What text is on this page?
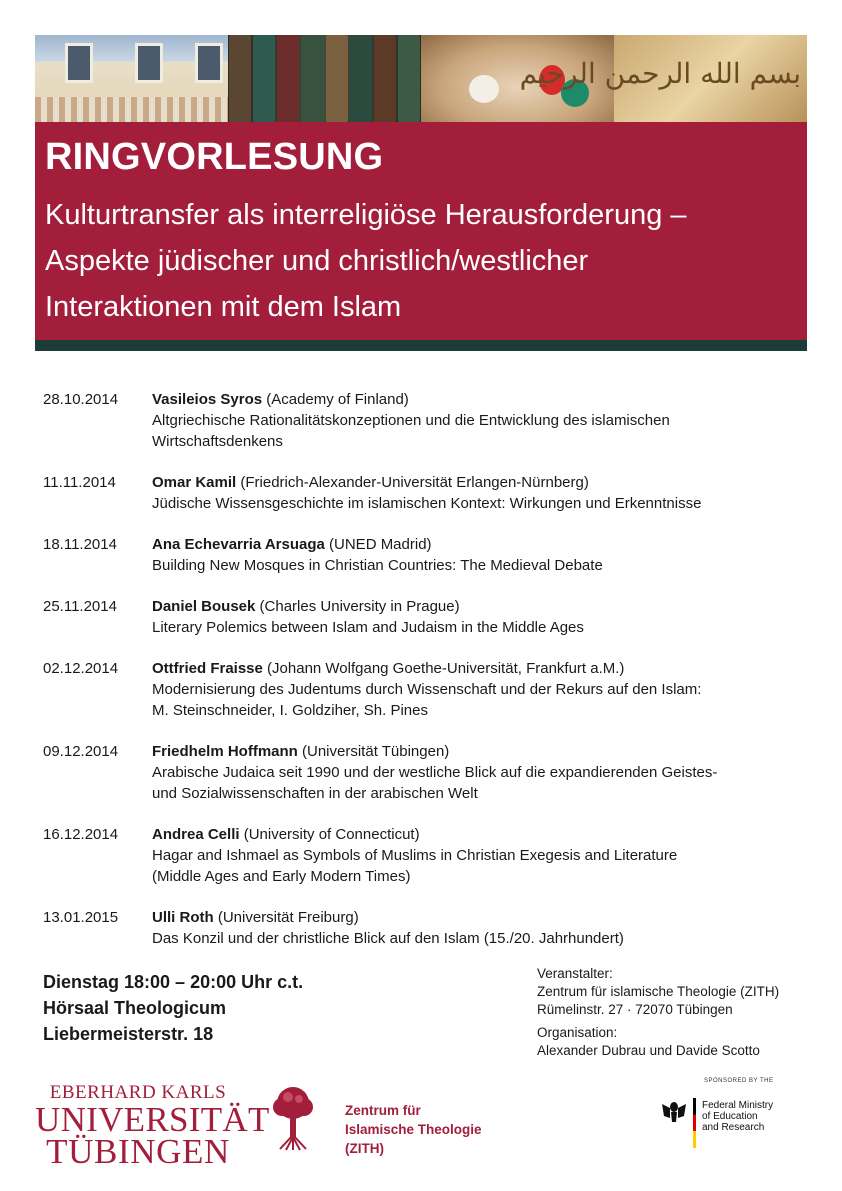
بسم الله الرحمن الرحيم
RINGVORLESUNG
Kulturtransfer als interreligiöse Herausforderung –
Aspekte jüdischer und christlich/westlicher
Interaktionen mit dem Islam
28.10.2014	Vasileios Syros (Academy of Finland)
Altgriechische Rationalitätskonzeptionen und die Entwicklung des islamischen
Wirtschaftsdenkens
11.11.2014	Omar Kamil (Friedrich-Alexander-Universität Erlangen-Nürnberg)
Jüdische Wissensgeschichte im islamischen Kontext: Wirkungen und Erkenntnisse
18.11.2014	Ana Echevarria Arsuaga (UNED Madrid)
Building New Mosques in Christian Countries: The Medieval Debate
25.11.2014	Daniel Bousek (Charles University in Prague)
Literary Polemics between Islam and Judaism in the Middle Ages
02.12.2014	Ottfried Fraisse (Johann Wolfgang Goethe-Universität, Frankfurt a.M.)
Modernisierung des Judentums durch Wissenschaft und der Rekurs auf den Islam:
M. Steinschneider, I. Goldziher, Sh. Pines
09.12.2014	Friedhelm Hoffmann (Universität Tübingen)
Arabische Judaica seit 1990 und der westliche Blick auf die expandierenden Geistes-
und Sozialwissenschaften in der arabischen Welt
16.12.2014	Andrea Celli (University of Connecticut)
Hagar and Ishmael as Symbols of Muslims in Christian Exegesis and Literature
(Middle Ages and Early Modern Times)
13.01.2015	Ulli Roth (Universität Freiburg)
Das Konzil und der christliche Blick auf den Islam (15./20. Jahrhundert)
Dienstag 18:00 – 20:00 Uhr c.t.
Hörsaal Theologicum
Liebermeisterstr. 18
Veranstalter:
Zentrum für islamische Theologie (ZITH)
Rümelinstr. 27 · 72070 Tübingen
Organisation:
Alexander Dubrau und Davide Scotto
EBERHARD KARLS
UNIVERSITÄT
TÜBINGEN
Zentrum für
Islamische Theologie
(ZITH)
SPONSORED BY THE
Federal Ministry
of Education
and Research
